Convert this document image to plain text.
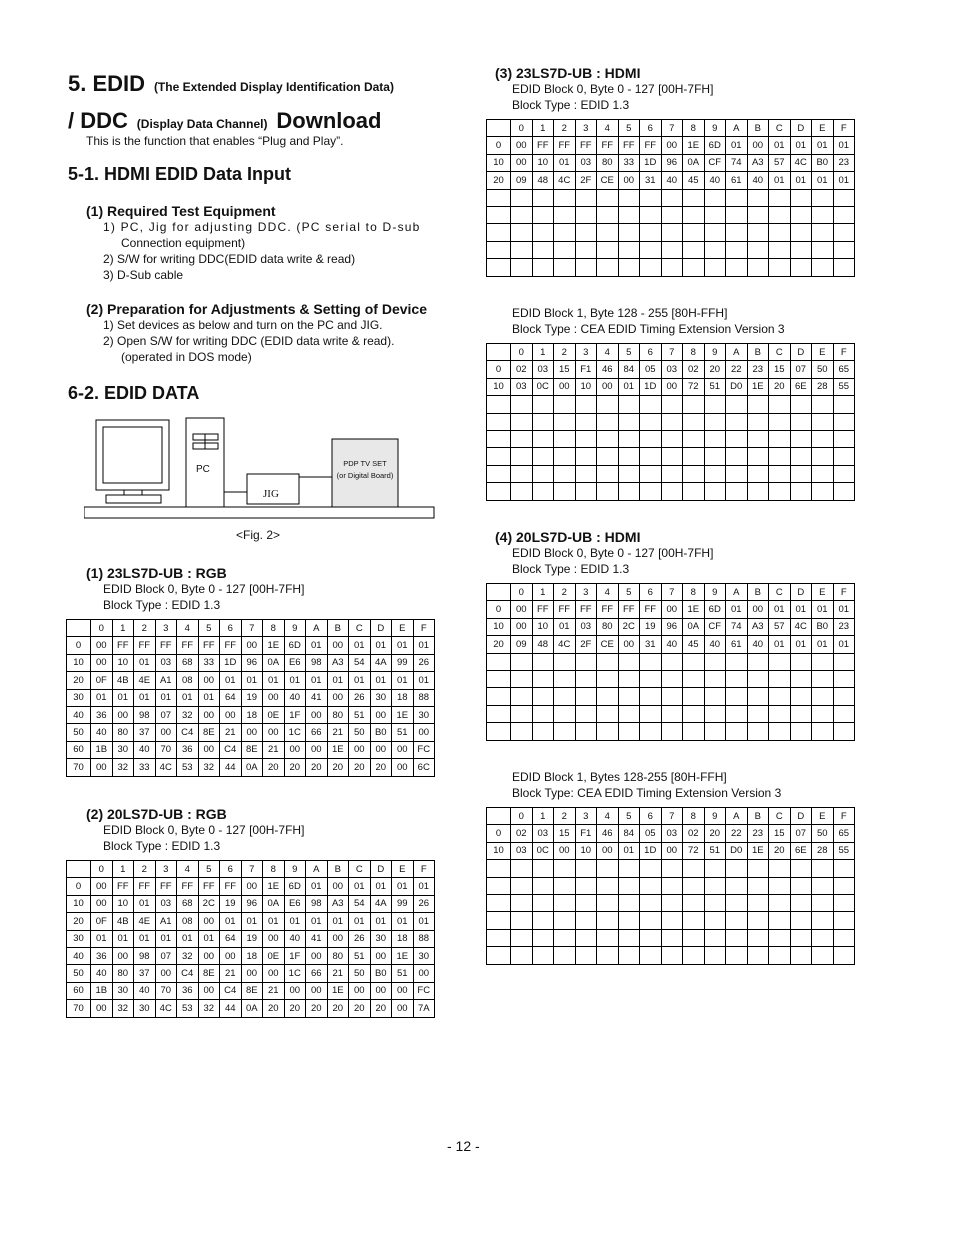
5. EDID (The Extended Display Identification Data)
/ DDC (Display Data Channel) Download
This is the function that enables “Plug and Play”.
5-1. HDMI EDID Data Input
(1) Required Test Equipment
1) PC, Jig for adjusting DDC. (PC serial to D-sub
Connection equipment)
2) S/W for writing DDC(EDID data write & read)
3) D-Sub cable
(2) Preparation for Adjustments & Setting of Device
1) Set devices as below and turn on the PC and JIG.
2) Open S/W for writing DDC (EDID data write & read).
(operated in DOS mode)
6-2. EDID DATA
PC
JIG
PDP TV SET
(or Digital Board)
<Fig. 2>
(1) 23LS7D-UB : RGB
EDID Block 0, Byte 0 - 127 [00H-7FH]
Block Type : EDID 1.3
	0	1	2	3	4	5	6	7	8	9	A	B	C	D	E	F
0	00	FF	FF	FF	FF	FF	FF	00	1E	6D	01	00	01	01	01	01
10	00	10	01	03	68	33	1D	96	0A	E6	98	A3	54	4A	99	26
20	0F	4B	4E	A1	08	00	01	01	01	01	01	01	01	01	01	01
30	01	01	01	01	01	01	64	19	00	40	41	00	26	30	18	88
40	36	00	98	07	32	00	00	18	0E	1F	00	80	51	00	1E	30
50	40	80	37	00	C4	8E	21	00	00	1C	66	21	50	B0	51	00
60	1B	30	40	70	36	00	C4	8E	21	00	00	1E	00	00	00	FC
70	00	32	33	4C	53	32	44	0A	20	20	20	20	20	20	00	6C
(2) 20LS7D-UB : RGB
EDID Block 0, Byte 0 - 127 [00H-7FH]
Block Type : EDID 1.3
	0	1	2	3	4	5	6	7	8	9	A	B	C	D	E	F
0	00	FF	FF	FF	FF	FF	FF	00	1E	6D	01	00	01	01	01	01
10	00	10	01	03	68	2C	19	96	0A	E6	98	A3	54	4A	99	26
20	0F	4B	4E	A1	08	00	01	01	01	01	01	01	01	01	01	01
30	01	01	01	01	01	01	64	19	00	40	41	00	26	30	18	88
40	36	00	98	07	32	00	00	18	0E	1F	00	80	51	00	1E	30
50	40	80	37	00	C4	8E	21	00	00	1C	66	21	50	B0	51	00
60	1B	30	40	70	36	00	C4	8E	21	00	00	1E	00	00	00	FC
70	00	32	30	4C	53	32	44	0A	20	20	20	20	20	20	00	7A
(3) 23LS7D-UB : HDMI
EDID Block 0, Byte 0 - 127 [00H-7FH]
Block Type : EDID 1.3
	0	1	2	3	4	5	6	7	8	9	A	B	C	D	E	F
0	00	FF	FF	FF	FF	FF	FF	00	1E	6D	01	00	01	01	01	01
10	00	10	01	03	80	33	1D	96	0A	CF	74	A3	57	4C	B0	23
20	09	48	4C	2F	CE	00	31	40	45	40	61	40	01	01	01	01

EDID Block 1, Byte 128 - 255 [80H-FFH]
Block Type : CEA EDID Timing Extension Version 3
	0	1	2	3	4	5	6	7	8	9	A	B	C	D	E	F
0	02	03	15	F1	46	84	05	03	02	20	22	23	15	07	50	65
10	03	0C	00	10	00	01	1D	00	72	51	D0	1E	20	6E	28	55

(4) 20LS7D-UB : HDMI
EDID Block 0, Byte 0 - 127 [00H-7FH]
Block Type : EDID 1.3
	0	1	2	3	4	5	6	7	8	9	A	B	C	D	E	F
0	00	FF	FF	FF	FF	FF	FF	00	1E	6D	01	00	01	01	01	01
10	00	10	01	03	80	2C	19	96	0A	CF	74	A3	57	4C	B0	23
20	09	48	4C	2F	CE	00	31	40	45	40	61	40	01	01	01	01

EDID Block 1, Bytes 128-255 [80H-FFH]
Block Type: CEA EDID Timing Extension Version 3
	0	1	2	3	4	5	6	7	8	9	A	B	C	D	E	F
0	02	03	15	F1	46	84	05	03	02	20	22	23	15	07	50	65
10	03	0C	00	10	00	01	1D	00	72	51	D0	1E	20	6E	28	55

- 12 -
